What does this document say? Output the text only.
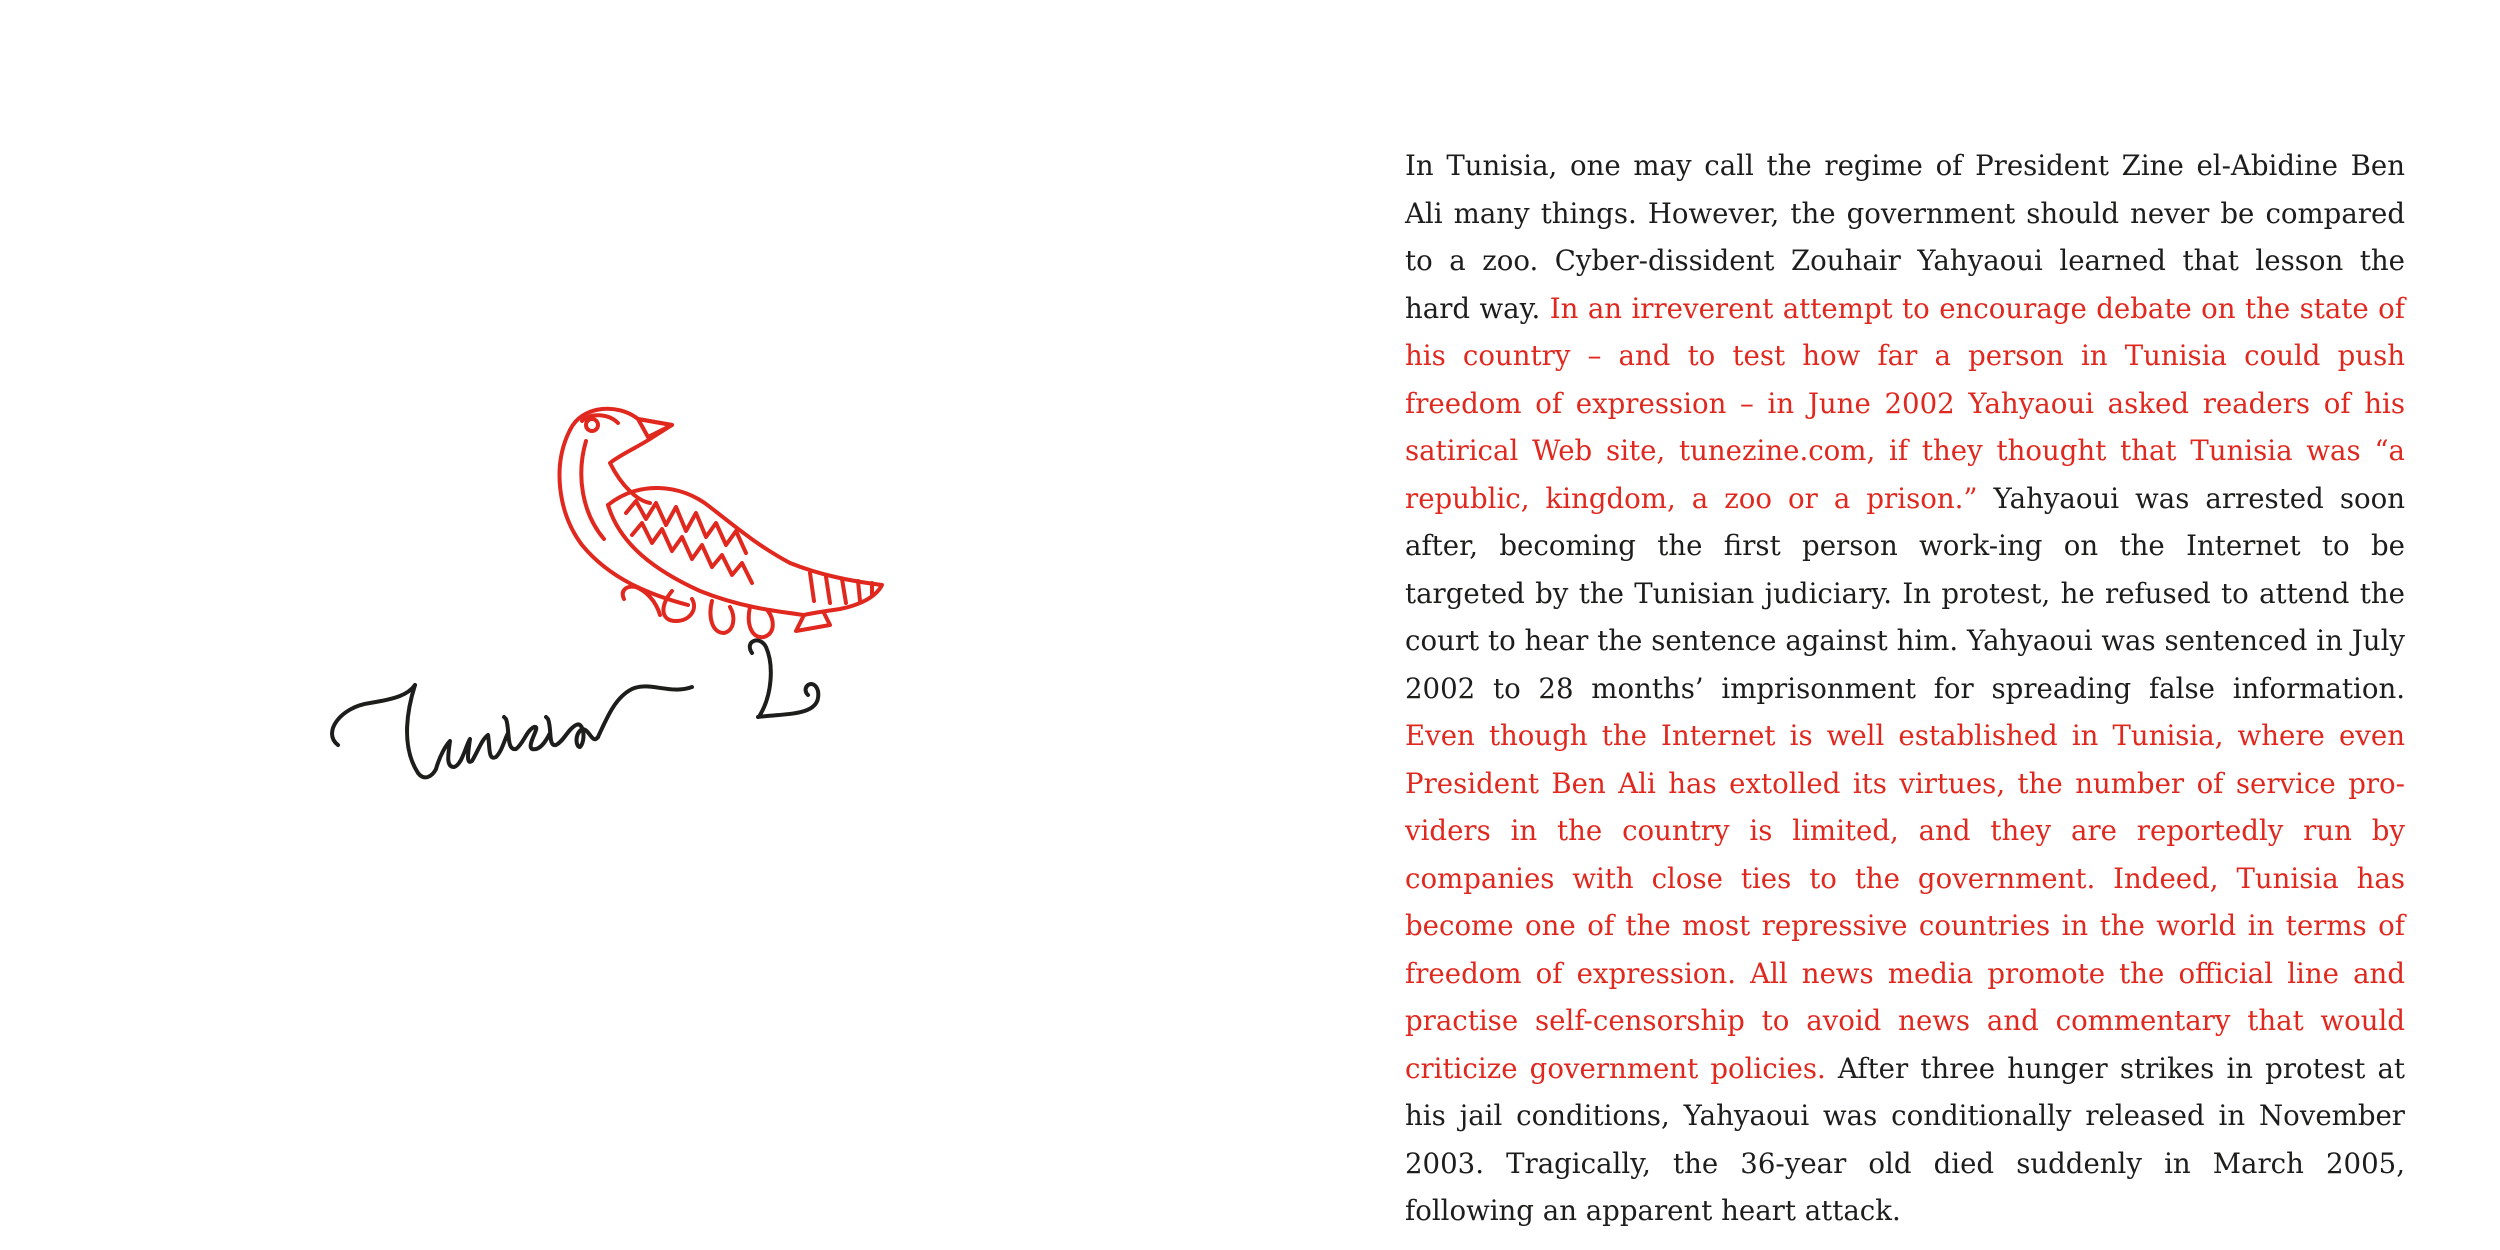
In Tunisia, one may call the regime of President Zine el-Abidine Ben Ali many things. However, the government should never be compared to a zoo. Cyber-dissident Zouhair Yahyaoui learned that lesson the hard way. In an irreverent attempt to encourage debate on the state of his country – and to test how far a person in Tunisia could push freedom of expression – in June 2002 Yahyaoui asked readers of his satirical Web site, tunezine.com, if they thought that Tunisia was “a republic, kingdom, a zoo or a prison.” Yahyaoui was arrested soon after, becoming the first person work-ing on the Internet to be targeted by the Tunisian judiciary. In protest, he refused to attend the court to hear the sentence against him. Yahyaoui was sentenced in July 2002 to 28 months’ imprisonment for spreading false information. Even though the Internet is well established in Tunisia, where even President Ben Ali has extolled its virtues, the number of service pro-viders in the country is limited, and they are reportedly run by companies with close ties to the government. Indeed, Tunisia has become one of the most repressive countries in the world in terms of freedom of expression. All news media promote the official line and practise self-censorship to avoid news and commentary that would criticize government policies. After three hunger strikes in protest at his jail conditions, Yahyaoui was conditionally released in November 2003. Tragically, the 36-year old died suddenly in March 2005, following an apparent heart attack.
